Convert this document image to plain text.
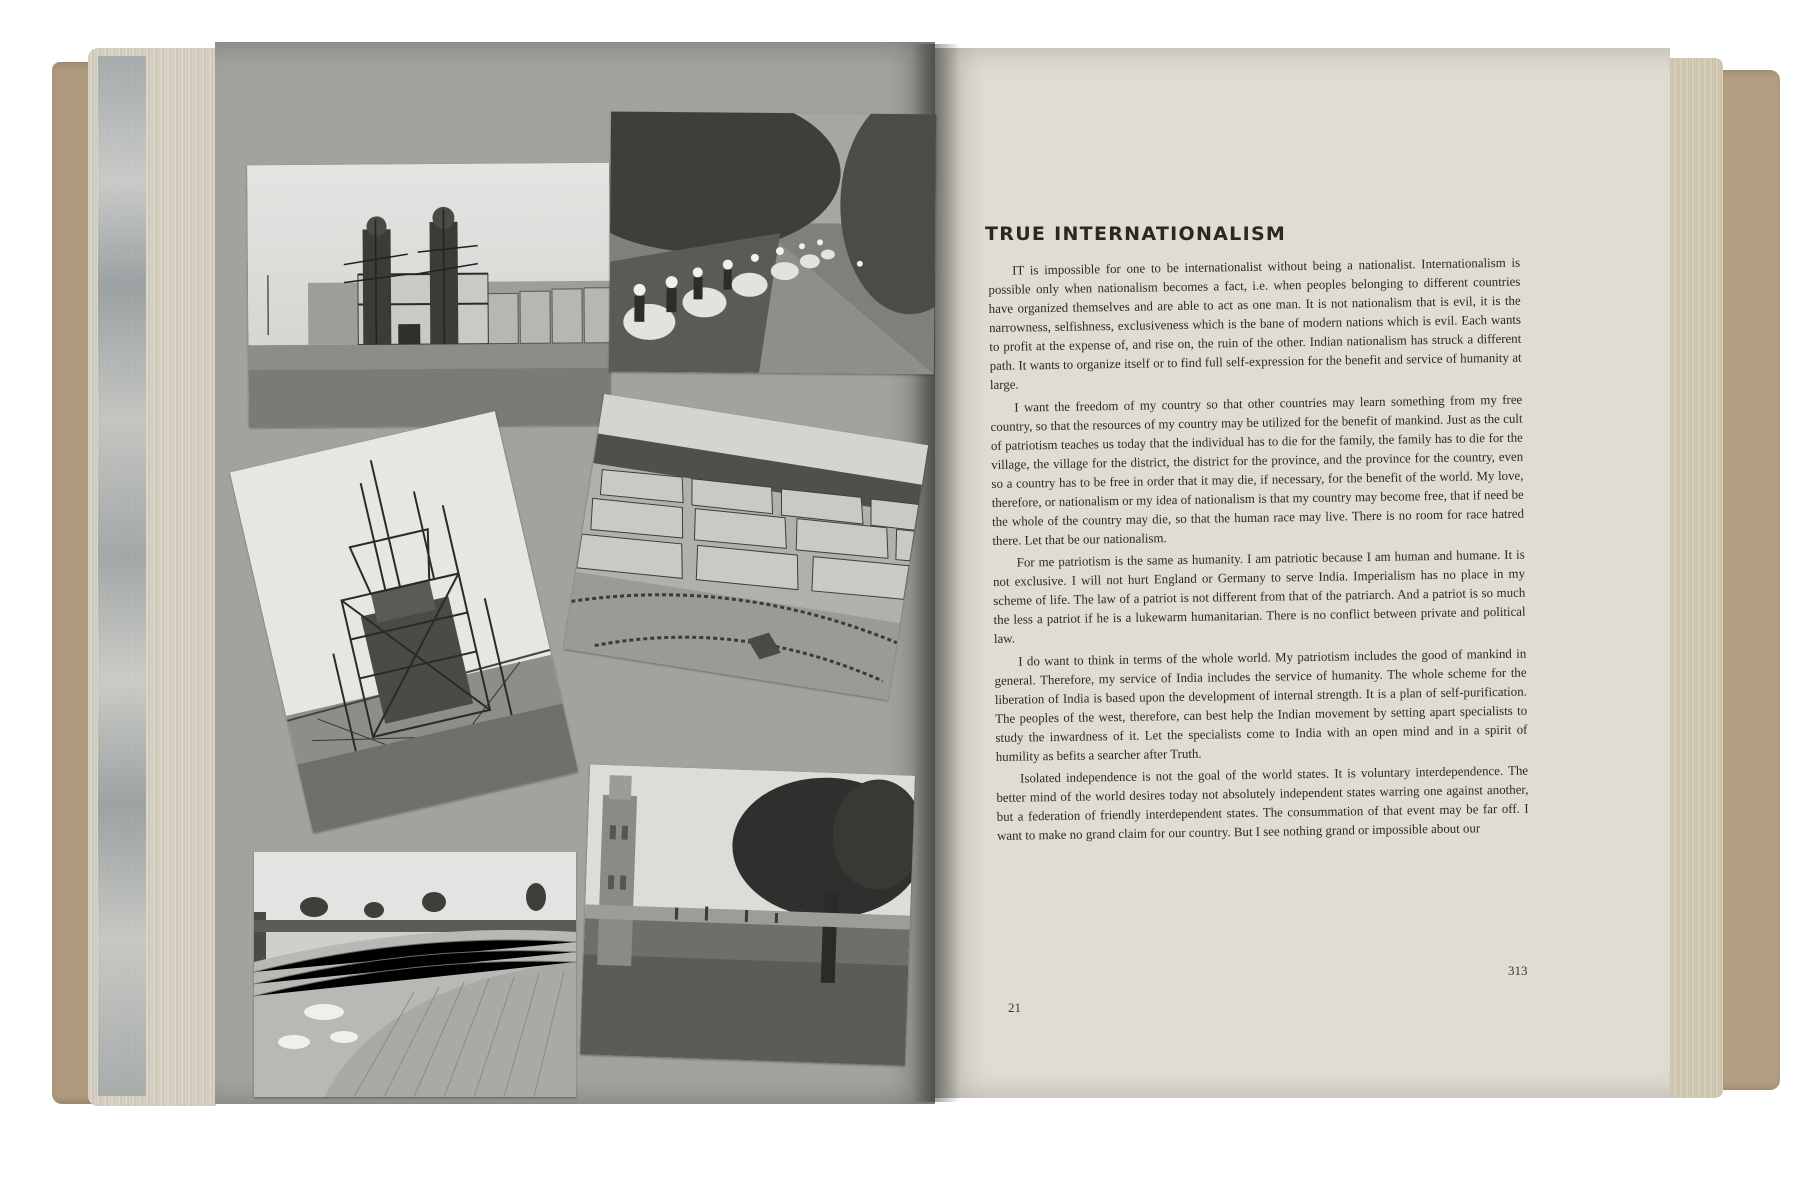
TRUE INTERNATIONALISM

IT is impossible for one to be internationalist without being a nationalist. Internationalism is possible only when nationalism becomes a fact, i.e. when peoples belonging to different countries have organized themselves and are able to act as one man. It is not nationalism that is evil, it is the narrowness, selfishness, exclusiveness which is the bane of modern nations which is evil. Each wants to profit at the expense of, and rise on, the ruin of the other. Indian nationalism has struck a different path. It wants to organize itself or to find full self-expression for the benefit and service of humanity at large.

I want the freedom of my country so that other countries may learn something from my free country, so that the resources of my country may be utilized for the benefit of mankind. Just as the cult of patriotism teaches us today that the individual has to die for the family, the family has to die for the village, the village for the district, the district for the province, and the province for the country, even so a country has to be free in order that it may die, if necessary, for the benefit of the world. My love, therefore, or nationalism or my idea of nationalism is that my country may become free, that if need be the whole of the country may die, so that the human race may live. There is no room for race hatred there. Let that be our nationalism.

For me patriotism is the same as humanity. I am patriotic because I am human and humane. It is not exclusive. I will not hurt England or Germany to serve India. Imperialism has no place in my scheme of life. The law of a patriot is not different from that of the patriarch. And a patriot is so much the less a patriot if he is a lukewarm humanitarian. There is no conflict between private and political law.

I do want to think in terms of the whole world. My patriotism includes the good of mankind in general. Therefore, my service of India includes the service of humanity. The whole scheme for the liberation of India is based upon the development of internal strength. It is a plan of self-purification. The peoples of the west, therefore, can best help the Indian movement by setting apart specialists to study the inwardness of it. Let the specialists come to India with an open mind and in a spirit of humility as befits a searcher after Truth.

Isolated independence is not the goal of the world states. It is voluntary interdependence. The better mind of the world desires today not absolutely independent states warring one against another, but a federation of friendly interdependent states. The consummation of that event may be far off. I want to make no grand claim for our country. But I see nothing grand or impossible about our

21
313
